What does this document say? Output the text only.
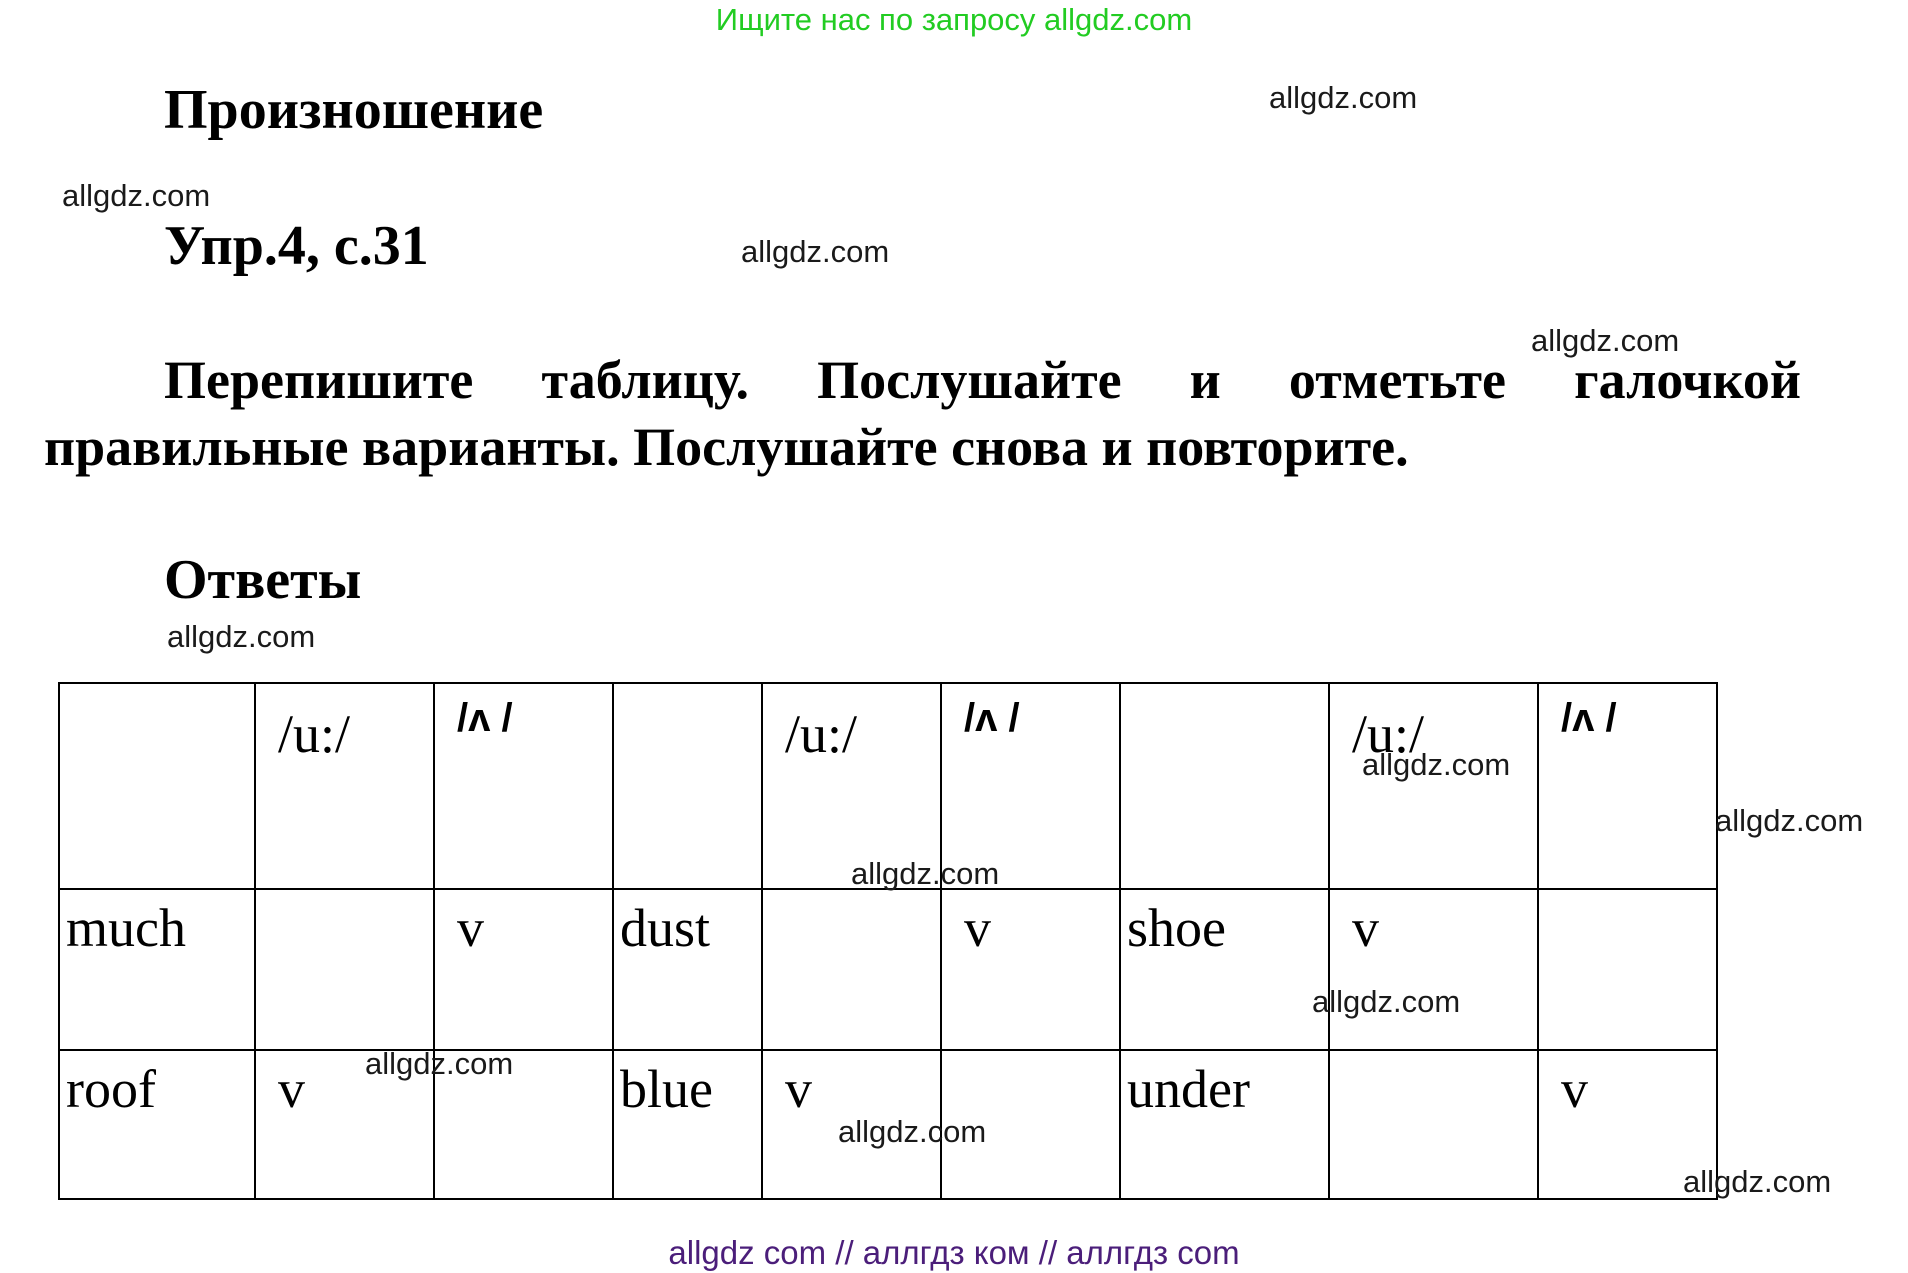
Ищите нас по запросу allgdz.com
Произношение
Упр.4, с.31

Перепишите таблицу. Послушайте и отметьте галочкой правильные варианты. Послушайте снова и повторите.

Ответы
	/u:/	/ʌ /		/u:/	/ʌ /		/u:/	/ʌ /
much		v	dust		v	shoe	v	
roof	v		blue	v		under		v
allgdz.com
allgdz.com
allgdz.com
allgdz.com
allgdz.com
allgdz.com
allgdz.com
allgdz.com
allgdz.com
allgdz.com
allgdz.com
allgdz.com
allgdz com // аллгдз ком // аллгдз com
